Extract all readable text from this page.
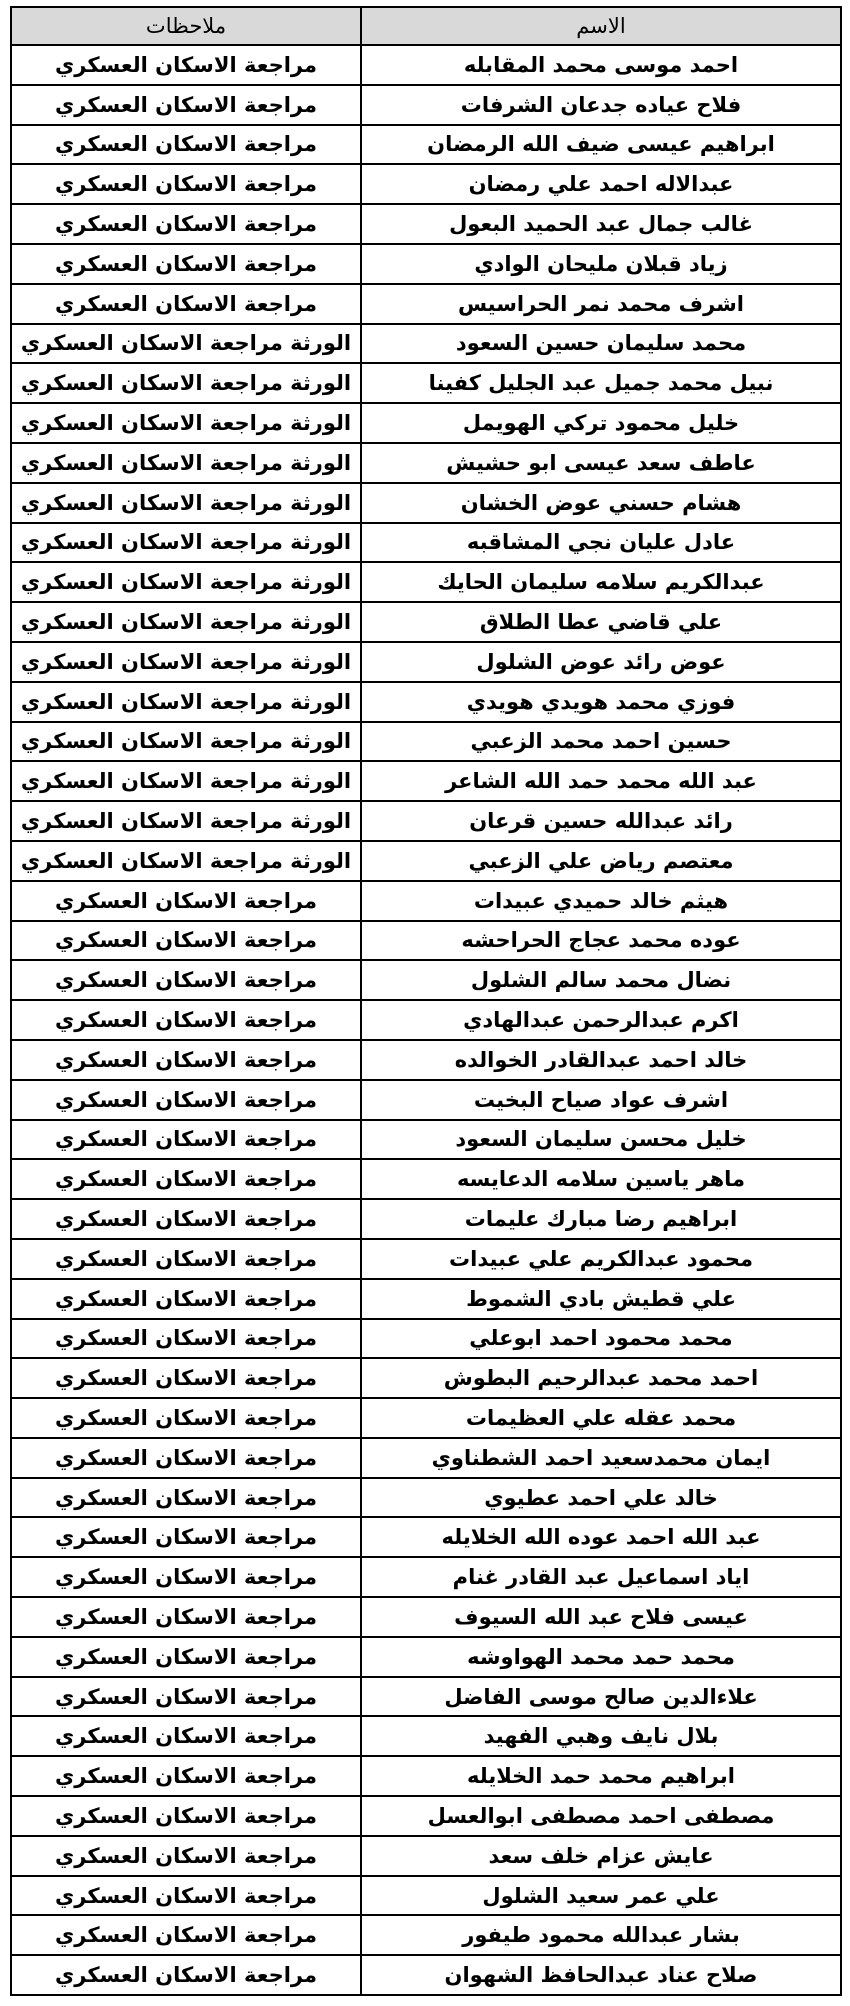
ملاحظات	الاسم
مراجعة الاسكان العسكري	احمد موسى محمد المقابله
مراجعة الاسكان العسكري	فلاح عياده جدعان الشرفات
مراجعة الاسكان العسكري	ابراهيم عيسى ضيف الله الرمضان
مراجعة الاسكان العسكري	عبدالاله احمد علي رمضان
مراجعة الاسكان العسكري	غالب جمال عبد الحميد البعول
مراجعة الاسكان العسكري	زياد قبلان مليحان الوادي
مراجعة الاسكان العسكري	اشرف محمد نمر الحراسيس
الورثة مراجعة الاسكان العسكري	محمد سليمان حسين السعود
الورثة مراجعة الاسكان العسكري	نبيل محمد جميل عبد الجليل كفينا
الورثة مراجعة الاسكان العسكري	خليل محمود تركي الهويمل
الورثة مراجعة الاسكان العسكري	عاطف سعد عيسى ابو حشيش
الورثة مراجعة الاسكان العسكري	هشام حسني عوض الخشان
الورثة مراجعة الاسكان العسكري	عادل عليان نجي المشاقبه
الورثة مراجعة الاسكان العسكري	عبدالكريم سلامه سليمان الحايك
الورثة مراجعة الاسكان العسكري	علي قاضي عطا الطلاق
الورثة مراجعة الاسكان العسكري	عوض رائد عوض الشلول
الورثة مراجعة الاسكان العسكري	فوزي محمد هويدي هويدي
الورثة مراجعة الاسكان العسكري	حسين احمد محمد الزعبي
الورثة مراجعة الاسكان العسكري	عبد الله محمد حمد الله الشاعر
الورثة مراجعة الاسكان العسكري	رائد عبدالله حسين قرعان
الورثة مراجعة الاسكان العسكري	معتصم رياض علي الزعبي
مراجعة الاسكان العسكري	هيثم خالد حميدي عبيدات
مراجعة الاسكان العسكري	عوده محمد عجاج الحراحشه
مراجعة الاسكان العسكري	نضال محمد سالم الشلول
مراجعة الاسكان العسكري	اكرم عبدالرحمن عبدالهادي
مراجعة الاسكان العسكري	خالد احمد عبدالقادر الخوالده
مراجعة الاسكان العسكري	اشرف عواد صياح البخيت
مراجعة الاسكان العسكري	خليل محسن سليمان السعود
مراجعة الاسكان العسكري	ماهر ياسين سلامه الدعايسه
مراجعة الاسكان العسكري	ابراهيم رضا مبارك عليمات
مراجعة الاسكان العسكري	محمود عبدالكريم علي عبيدات
مراجعة الاسكان العسكري	علي قطيش بادي الشموط
مراجعة الاسكان العسكري	محمد محمود احمد ابوعلي
مراجعة الاسكان العسكري	احمد محمد عبدالرحيم البطوش
مراجعة الاسكان العسكري	محمد عقله علي العظيمات
مراجعة الاسكان العسكري	ايمان محمدسعيد احمد الشطناوي
مراجعة الاسكان العسكري	خالد علي احمد عطيوي
مراجعة الاسكان العسكري	عبد الله احمد عوده الله الخلايله
مراجعة الاسكان العسكري	اياد اسماعيل عبد القادر غنام
مراجعة الاسكان العسكري	عيسى فلاح عبد الله السيوف
مراجعة الاسكان العسكري	محمد حمد محمد الهواوشه
مراجعة الاسكان العسكري	علاءالدين صالح موسى الفاضل
مراجعة الاسكان العسكري	بلال نايف وهبي الفهيد
مراجعة الاسكان العسكري	ابراهيم محمد حمد الخلايله
مراجعة الاسكان العسكري	مصطفى احمد مصطفى ابوالعسل
مراجعة الاسكان العسكري	عايش عزام خلف سعد
مراجعة الاسكان العسكري	علي عمر سعيد الشلول
مراجعة الاسكان العسكري	بشار عبدالله محمود طيفور
مراجعة الاسكان العسكري	صلاح عناد عبدالحافظ الشهوان
